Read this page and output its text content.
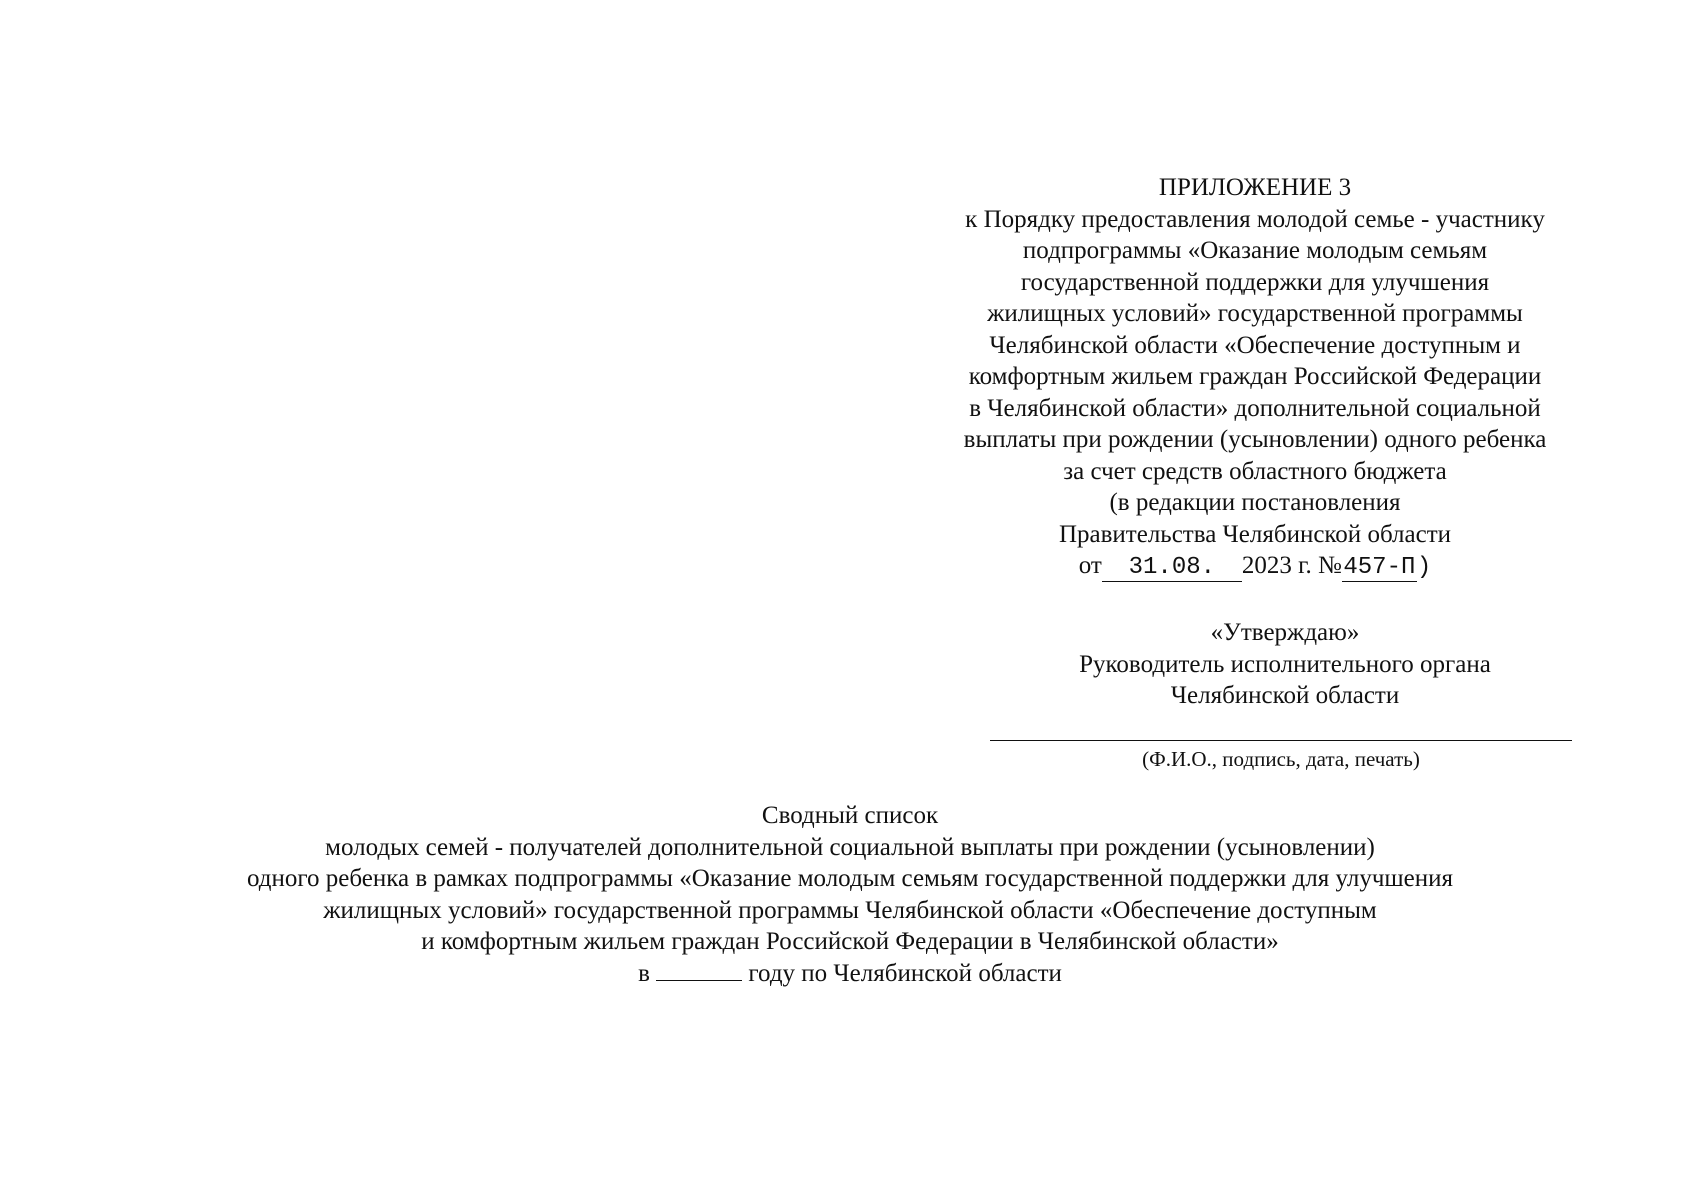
ПРИЛОЖЕНИЕ 3
к Порядку предоставления молодой семье - участнику
подпрограммы «Оказание молодым семьям
государственной поддержки для улучшения
жилищных условий» государственной программы
Челябинской области «Обеспечение доступным и
комфортным жильем граждан Российской Федерации
в Челябинской области» дополнительной социальной
выплаты при рождении (усыновлении) одного ребенка
за счет средств областного бюджета
(в редакции постановления
Правительства Челябинской области
от 31.08. 2023 г. №457-П)
«Утверждаю»
Руководитель исполнительного органа
Челябинской области
(Ф.И.О., подпись, дата, печать)
Сводный список
молодых семей - получателей дополнительной социальной выплаты при рождении (усыновлении)
одного ребенка в рамках подпрограммы «Оказание молодым семьям государственной поддержки для улучшения
жилищных условий» государственной программы Челябинской области «Обеспечение доступным
и комфортным жильем граждан Российской Федерации в Челябинской области»
в	году по Челябинской области
